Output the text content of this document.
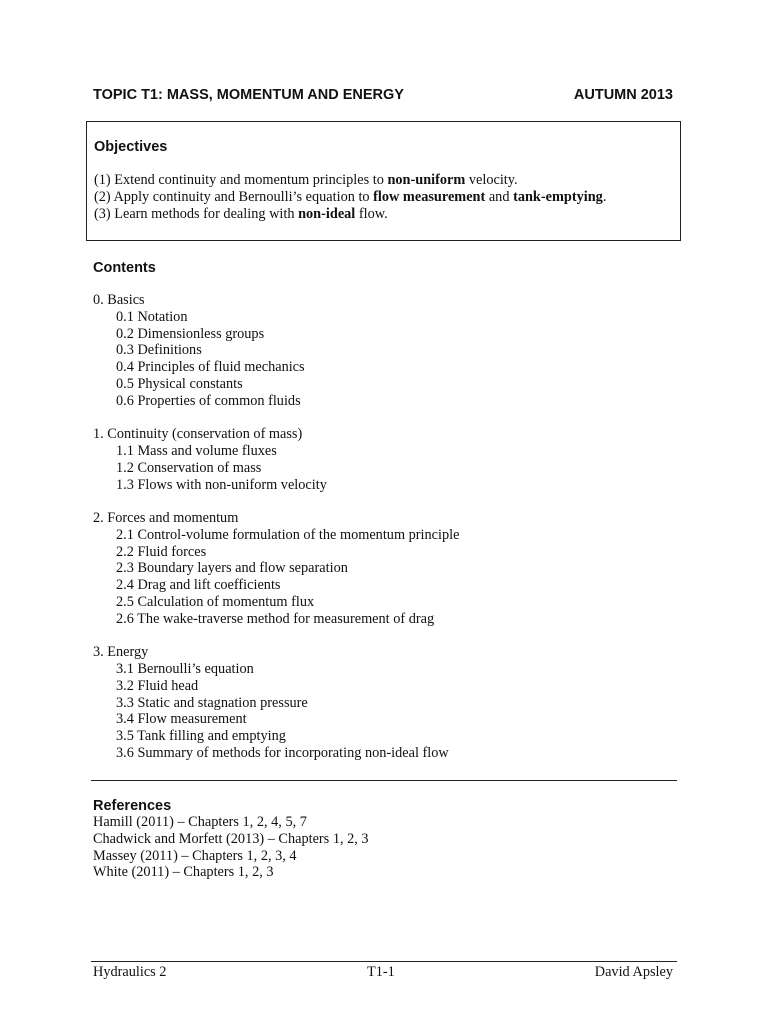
TOPIC T1: MASS, MOMENTUM AND ENERGY	AUTUMN 2013
Objectives
(1) Extend continuity and momentum principles to non-uniform velocity.
(2) Apply continuity and Bernoulli’s equation to flow measurement and tank-emptying.
(3) Learn methods for dealing with non-ideal flow.
Contents
0. Basics
0.1 Notation
0.2 Dimensionless groups
0.3 Definitions
0.4 Principles of fluid mechanics
0.5 Physical constants
0.6 Properties of common fluids
1. Continuity (conservation of mass)
1.1 Mass and volume fluxes
1.2 Conservation of mass
1.3 Flows with non-uniform velocity
2. Forces and momentum
2.1 Control-volume formulation of the momentum principle
2.2 Fluid forces
2.3 Boundary layers and flow separation
2.4 Drag and lift coefficients
2.5 Calculation of momentum flux
2.6 The wake-traverse method for measurement of drag
3. Energy
3.1 Bernoulli’s equation
3.2 Fluid head
3.3 Static and stagnation pressure
3.4 Flow measurement
3.5 Tank filling and emptying
3.6 Summary of methods for incorporating non-ideal flow
References
Hamill (2011) – Chapters 1, 2, 4, 5, 7
Chadwick and Morfett (2013) – Chapters 1, 2, 3
Massey (2011) – Chapters 1, 2, 3, 4
White (2011) – Chapters 1, 2, 3
Hydraulics 2	T1-1	David Apsley
